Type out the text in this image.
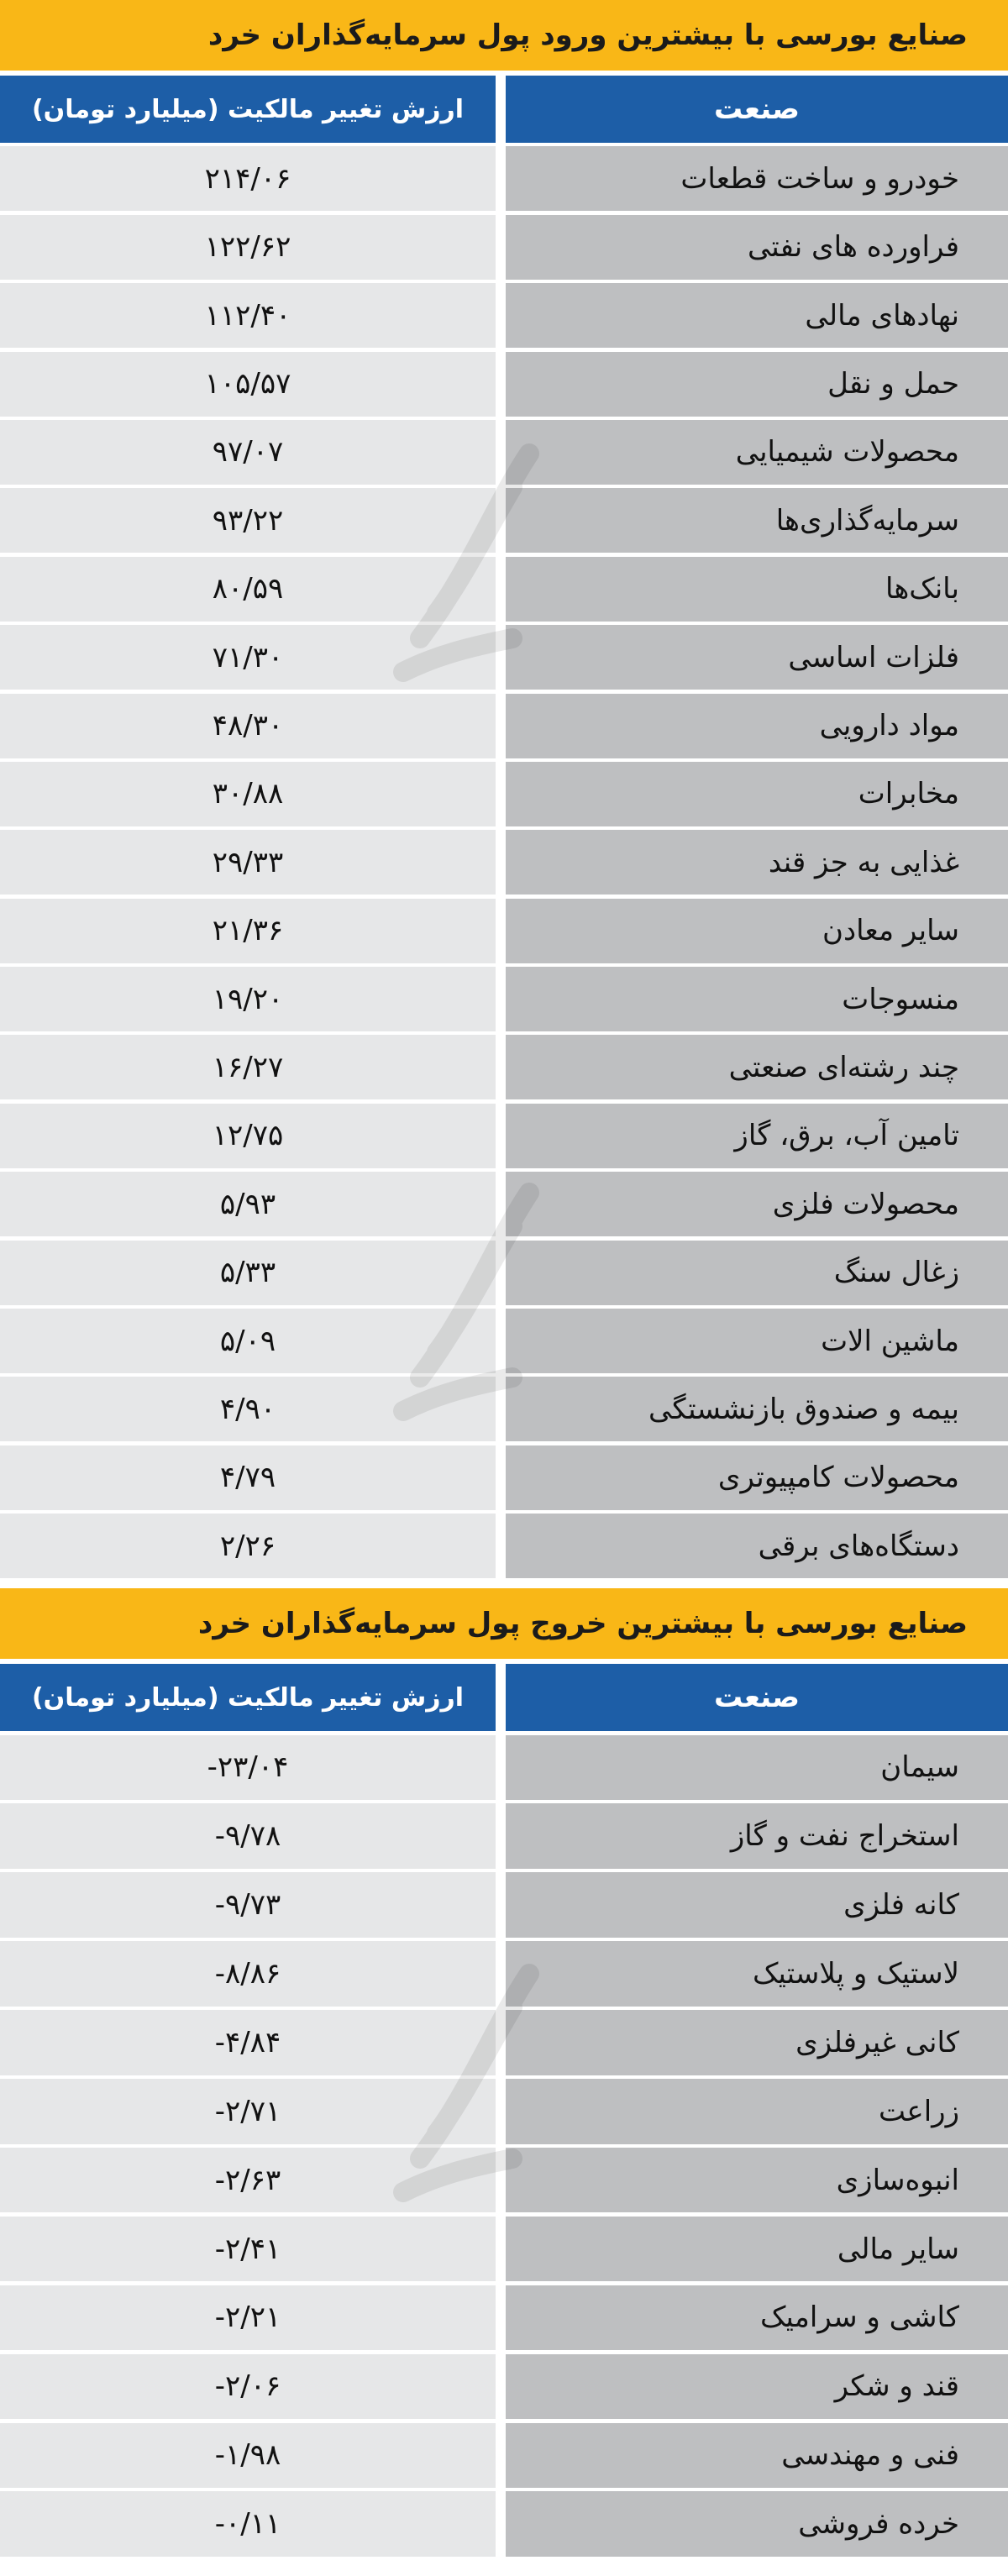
صنایع بورسی با بیشترین ورود پول سرمایه‌گذاران خرد
صنعت
ارزش تغییر مالکیت (میلیارد تومان)
خودرو و ساخت قطعات
۲۱۴/۰۶
فراورده های نفتی
۱۲۲/۶۲
نهادهای مالی
۱۱۲/۴۰
حمل و نقل
۱۰۵/۵۷
محصولات شیمیایی
۹۷/۰۷
سرمایه‌گذاری‌ها
۹۳/۲۲
بانک‌ها
۸۰/۵۹
فلزات اساسی
۷۱/۳۰
مواد دارویی
۴۸/۳۰
مخابرات
۳۰/۸۸
غذایی به جز قند
۲۹/۳۳
سایر معادن
۲۱/۳۶
منسوجات
۱۹/۲۰
چند رشته‌ای صنعتی
۱۶/۲۷
تامین آب، برق، گاز
۱۲/۷۵
محصولات فلزی
۵/۹۳
زغال سنگ
۵/۳۳
ماشین الات
۵/۰۹
بیمه و صندوق بازنشستگی
۴/۹۰
محصولات کامپیوتری
۴/۷۹
دستگاه‌های برقی
۲/۲۶
صنایع بورسی با بیشترین خروج پول سرمایه‌گذاران خرد
صنعت
ارزش تغییر مالکیت (میلیارد تومان)
سیمان
-۲۳/۰۴
استخراج نفت و گاز
-۹/۷۸
کانه فلزی
-۹/۷۳
لاستیک و پلاستیک
-۸/۸۶
کانی غیرفلزی
-۴/۸۴
زراعت
-۲/۷۱
انبوه‌سازی
-۲/۶۳
سایر مالی
-۲/۴۱
کاشی و سرامیک
-۲/۲۱
قند و شکر
-۲/۰۶
فنی و مهندسی
-۱/۹۸
خرده فروشی
-۰/۱۱
